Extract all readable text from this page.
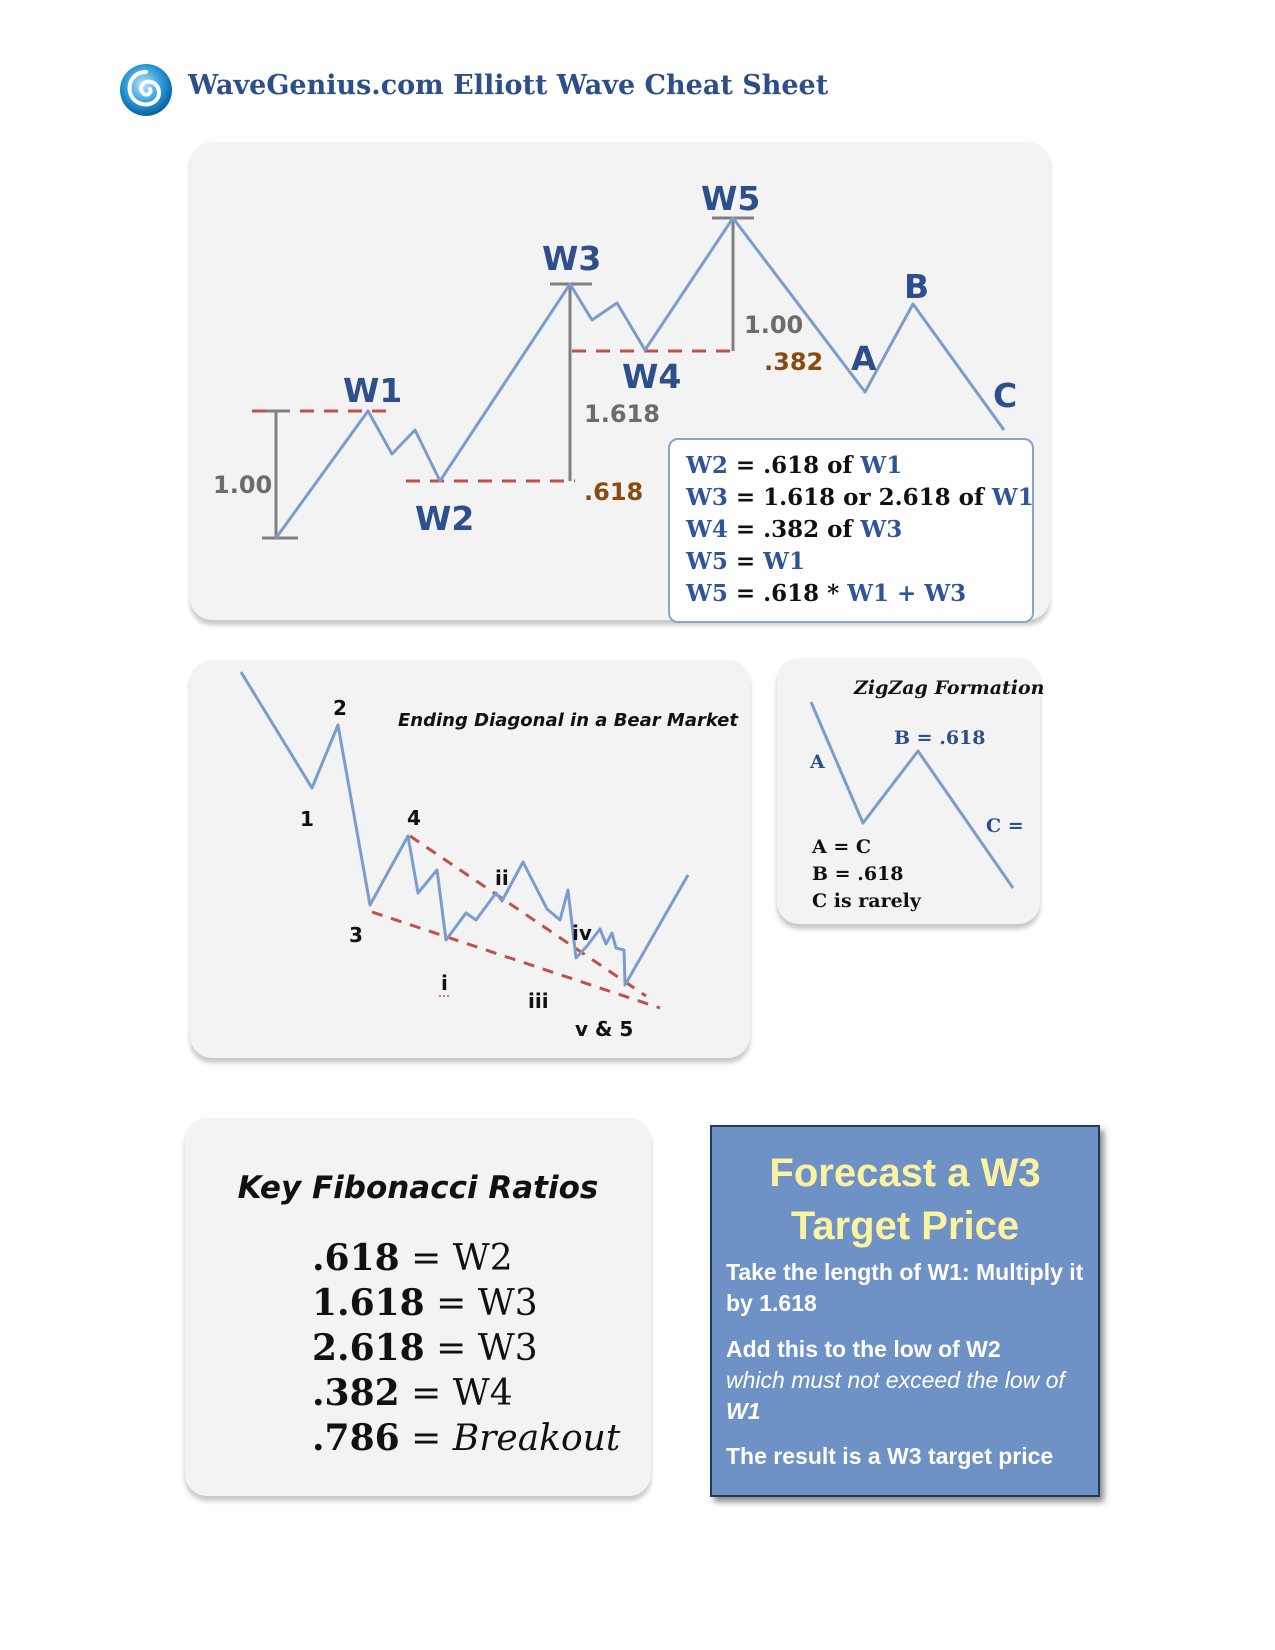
WaveGenius.com Elliott Wave Cheat Sheet
W1
W2
W3
W4
W5
A
B
C
1.00	.618
1.618
1.00
.382
W2 = .618 of W1
W3 = 1.618 or 2.618 of W1
W4 = .382 of W3
W5 = W1
W5 = .618 * W1 + W3
Ending Diagonal in a Bear Market
1
2
3
4
i
ii
iii
iv
v & 5
ZigZag Formation
A
B = .618
C =
A = C
B = .618
C is rarely
Key Fibonacci Ratios
.618 = W2
1.618 = W3
2.618 = W3
.382 = W4
.786 = Breakout
Forecast a W3
Target Price
Take the length of W1: Multiply it by 1.618
Add this to the low of W2
which must not exceed the low of W1
The result is a W3 target price
